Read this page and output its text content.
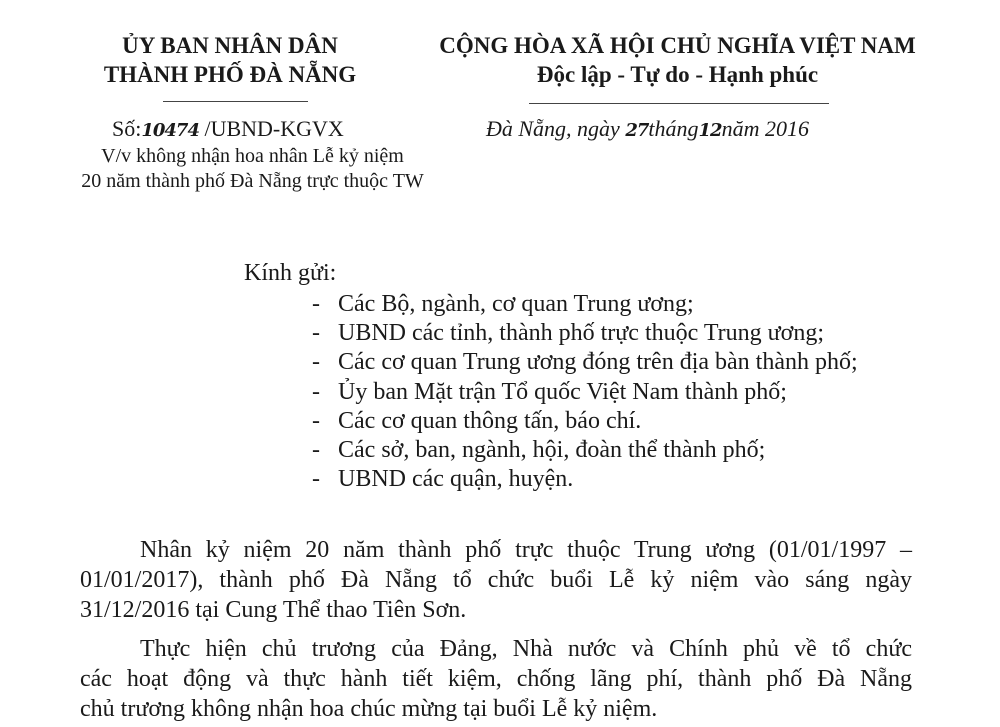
ỦY BAN NHÂN DÂN
THÀNH PHỐ ĐÀ NẴNG
CỘNG HÒA XÃ HỘI CHỦ NGHĨA VIỆT NAM
Độc lập - Tự do - Hạnh phúc
Số:10474 /UBND-KGVX
V/v không nhận hoa nhân Lễ kỷ niệm
20 năm thành phố Đà Nẵng trực thuộc TW
Đà Nẵng, ngày 27tháng12năm 2016
Kính gửi:
- Các Bộ, ngành, cơ quan Trung ương;
- UBND các tỉnh, thành phố trực thuộc Trung ương;
- Các cơ quan Trung ương đóng trên địa bàn thành phố;
- Ủy ban Mặt trận Tổ quốc Việt Nam thành phố;
- Các cơ quan thông tấn, báo chí.
- Các sở, ban, ngành, hội, đoàn thể thành phố;
- UBND các quận, huyện.
Nhân kỷ niệm 20 năm thành phố trực thuộc Trung ương (01/01/1997 –
01/01/2017), thành phố Đà Nẵng tổ chức buổi Lễ kỷ niệm vào sáng ngày
31/12/2016 tại Cung Thể thao Tiên Sơn.
Thực hiện chủ trương của Đảng, Nhà nước và Chính phủ về tổ chức
các hoạt động và thực hành tiết kiệm, chống lãng phí, thành phố Đà Nẵng
chủ trương không nhận hoa chúc mừng tại buổi Lễ kỷ niệm.
